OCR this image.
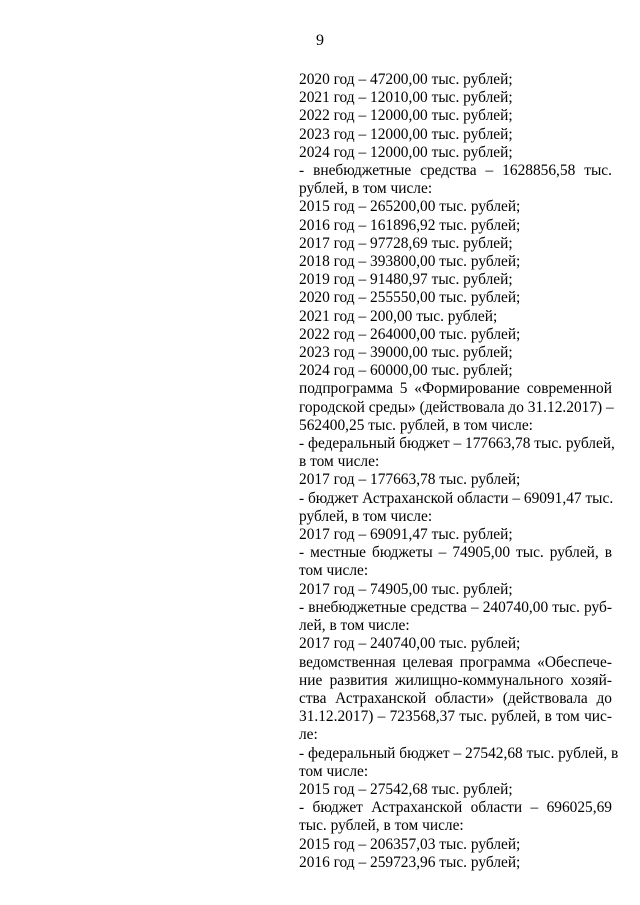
9
2020 год – 47200,00 тыс. рублей;
2021 год – 12010,00 тыс. рублей;
2022 год – 12000,00 тыс. рублей;
2023 год – 12000,00 тыс. рублей;
2024 год – 12000,00 тыс. рублей;
- внебюджетные средства – 1628856,58 тыс.
рублей, в том числе:
2015 год – 265200,00 тыс. рублей;
2016 год – 161896,92 тыс. рублей;
2017 год – 97728,69 тыс. рублей;
2018 год – 393800,00 тыс. рублей;
2019 год – 91480,97 тыс. рублей;
2020 год – 255550,00 тыс. рублей;
2021 год – 200,00 тыс. рублей;
2022 год – 264000,00 тыс. рублей;
2023 год – 39000,00 тыс. рублей;
2024 год – 60000,00 тыс. рублей;
подпрограмма 5 «Формирование современной
городской среды» (действовала до 31.12.2017) –
562400,25 тыс. рублей, в том числе:
- федеральный бюджет – 177663,78 тыс. рублей,
в том числе:
2017 год – 177663,78 тыс. рублей;
- бюджет Астраханской области – 69091,47 тыс.
рублей, в том числе:
2017 год – 69091,47 тыс. рублей;
- местные бюджеты – 74905,00 тыс. рублей, в
том числе:
2017 год – 74905,00 тыс. рублей;
- внебюджетные средства – 240740,00 тыс. руб-
лей, в том числе:
2017 год – 240740,00 тыс. рублей;
ведомственная целевая программа «Обеспече-
ние развития жилищно-коммунального хозяй-
ства Астраханской области» (действовала до
31.12.2017) – 723568,37 тыс. рублей, в том чис-
ле:
- федеральный бюджет – 27542,68 тыс. рублей, в
том числе:
2015 год – 27542,68 тыс. рублей;
- бюджет Астраханской области – 696025,69
тыс. рублей, в том числе:
2015 год – 206357,03 тыс. рублей;
2016 год – 259723,96 тыс. рублей;
